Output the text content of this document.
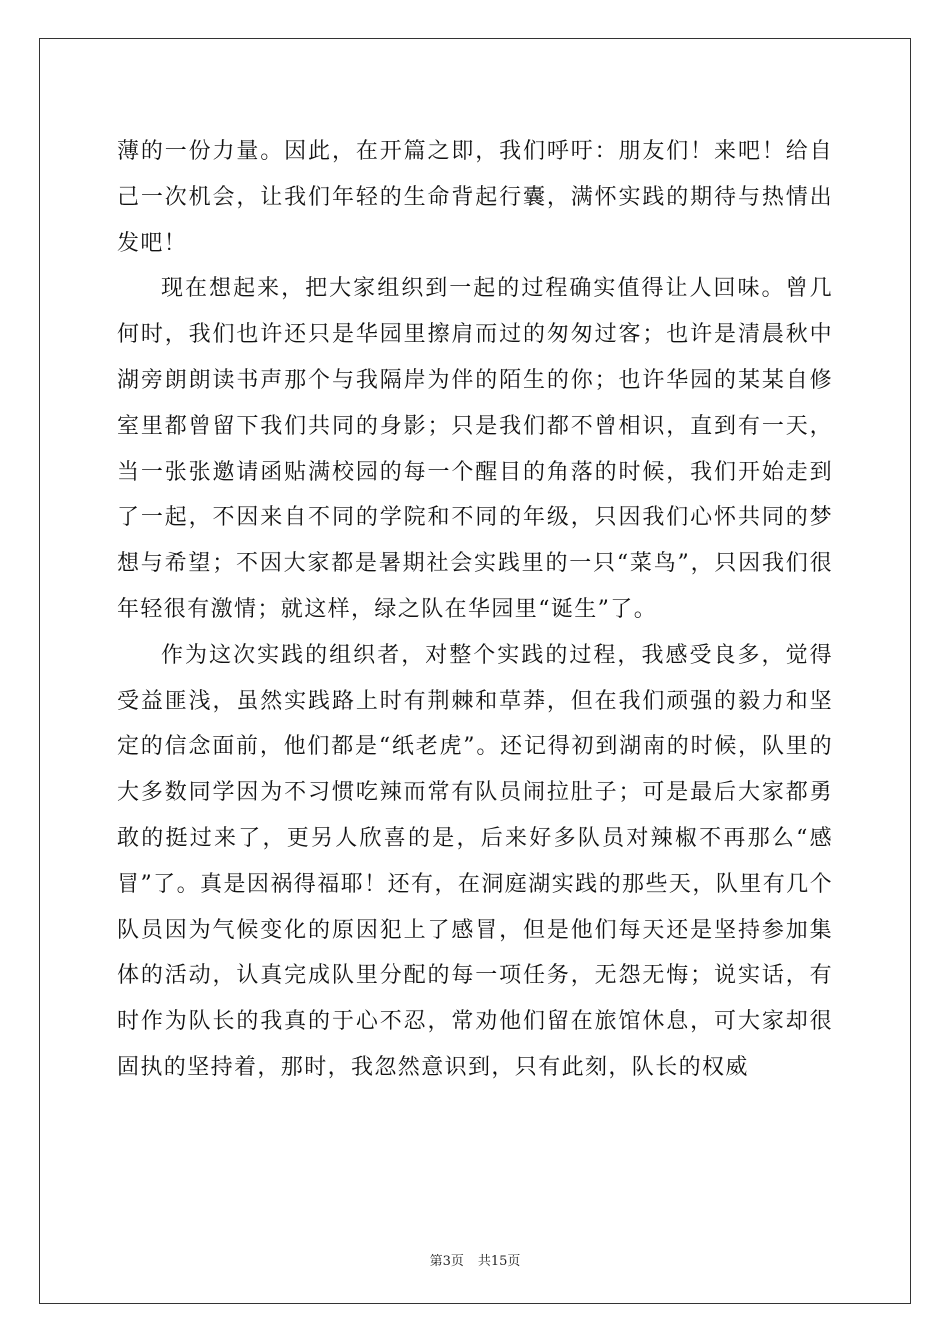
薄的一份力量。因此，在开篇之即，我们呼吁：朋友们！来吧！给自己一次机会，让我们年轻的生命背起行囊，满怀实践的期待与热情出发吧！

现在想起来，把大家组织到一起的过程确实值得让人回味。曾几何时，我们也许还只是华园里擦肩而过的匆匆过客；也许是清晨秋中湖旁朗朗读书声那个与我隔岸为伴的陌生的你；也许华园的某某自修室里都曾留下我们共同的身影；只是我们都不曾相识，直到有一天，当一张张邀请函贴满校园的每一个醒目的角落的时候，我们开始走到了一起，不因来自不同的学院和不同的年级，只因我们心怀共同的梦想与希望；不因大家都是暑期社会实践里的一只“菜鸟”，只因我们很年轻很有激情；就这样，绿之队在华园里“诞生”了。

作为这次实践的组织者，对整个实践的过程，我感受良多，觉得受益匪浅，虽然实践路上时有荆棘和草莽，但在我们顽强的毅力和坚定的信念面前，他们都是“纸老虎”。还记得初到湖南的时候，队里的大多数同学因为不习惯吃辣而常有队员闹拉肚子；可是最后大家都勇敢的挺过来了，更另人欣喜的是，后来好多队员对辣椒不再那么“感冒”了。真是因祸得福耶！还有，在洞庭湖实践的那些天，队里有几个队员因为气候变化的原因犯上了感冒，但是他们每天还是坚持参加集体的活动，认真完成队里分配的每一项任务，无怨无悔；说实话，有时作为队长的我真的于心不忍，常劝他们留在旅馆休息，可大家却很固执的坚持着，那时，我忽然意识到，只有此刻，队长的权威

第3页 共15页
